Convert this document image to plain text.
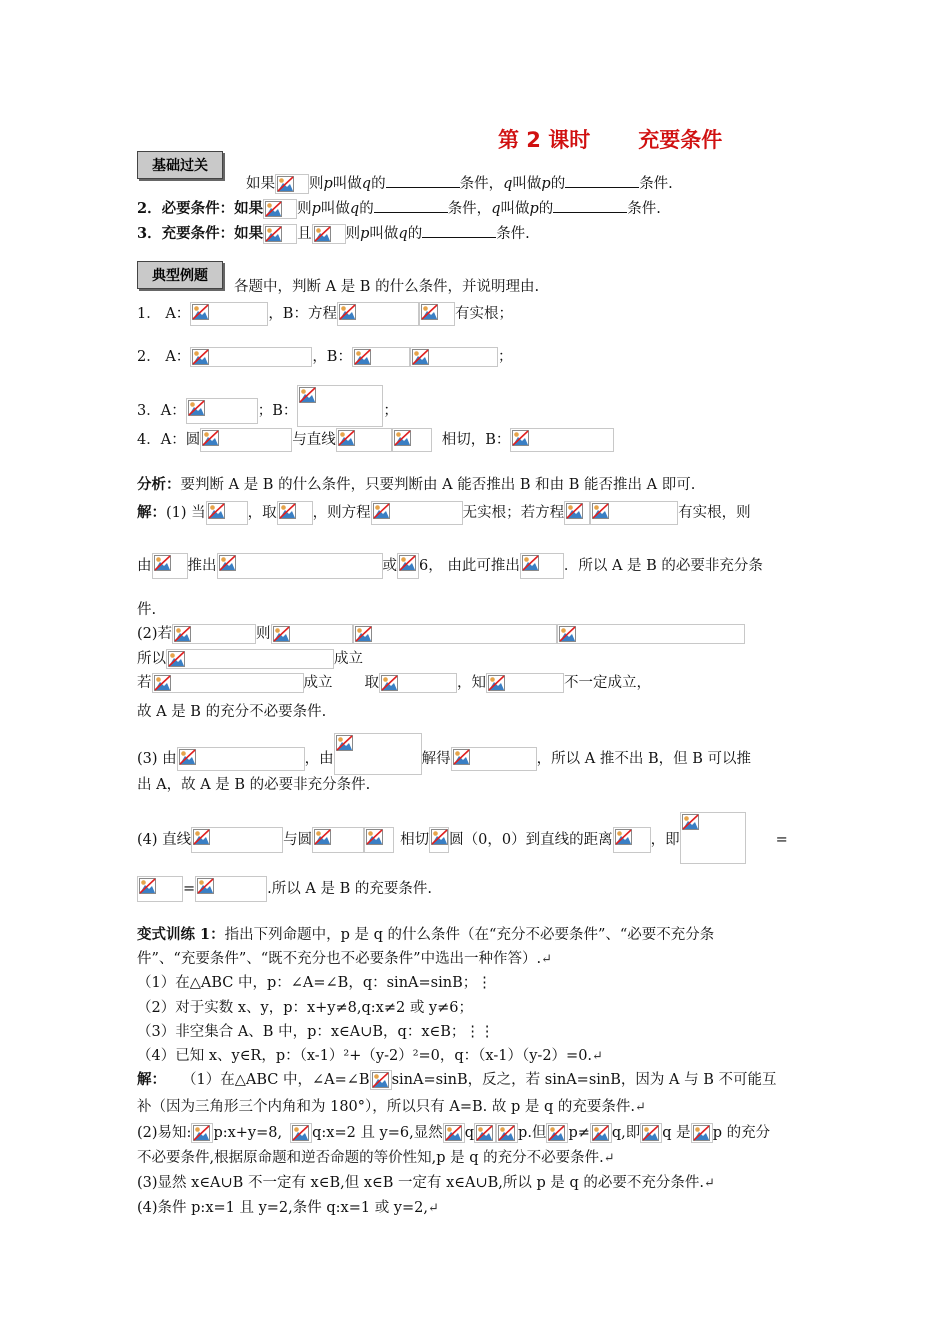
第 2 课时 充要条件
基础过关
如果 则p叫做q的	条件，q叫做p的	条件.
2．必要条件：如果 则p叫做q的	条件，q叫做p的	条件.
3．充要条件：如果 且 则p叫做q的	条件.
典型例题
各题中，判断 A 是 B 的什么条件，并说明理由.
1． A：	，B：方程	有实根；
2． A：	，B：	；
3．A：	；B：	；
4．A：圆	与直线	相切，B：
分析：要判断 A 是 B 的什么条件，只要判断由 A 能否推出 B 和由 B 能否推出 A 即可.
解：(1) 当	，取 ，则方程	无实根；若方程	有实根，则
由 推出	或 6， 由此可推出	．所以 A 是 B 的必要非充分条
件.
(2)若	则
所以	成立
若	成立 取	，知	不一定成立，
故 A 是 B 的充分不必要条件.
(3) 由	，由	解得	，所以 A 推不出 B，但 B 可以推
出 A，故 A 是 B 的必要非充分条件.
(4) 直线	与圆	相切 圆（0，0）到直线的距离	，即	=
=	.所以 A 是 B 的充要条件.
变式训练 1：指出下列命题中，p 是 q 的什么条件（在“充分不必要条件”、“必要不充分条
件”、“充要条件”、“既不充分也不必要条件”中选出一种作答）.↵
（1）在△ABC 中，p：∠A=∠B，q：sinA=sinB；⋮
（2）对于实数 x、y，p：x+y≠8,q:x≠2 或 y≠6；
（3）非空集合 A、B 中，p：x∈A∪B，q：x∈B；⋮⋮
（4）已知 x、y∈R，p：（x-1）²+（y-2）²=0，q：（x-1）（y-2）=0.↵
解： （1）在△ABC 中，∠A=∠B sinA=sinB，反之，若 sinA=sinB，因为 A 与 B 不可能互
补（因为三角形三个内角和为 180°），所以只有 A=B. 故 p 是 q 的充要条件.↵
(2)易知: p:x+y=8, q:x=2 且 y=6,显然 q	p.但 p≠ q,即 q 是 p 的充分
不必要条件,根据原命题和逆否命题的等价性知,p 是 q 的充分不必要条件.↵
(3)显然 x∈A∪B 不一定有 x∈B,但 x∈B 一定有 x∈A∪B,所以 p 是 q 的必要不充分条件.↵
(4)条件 p:x=1 且 y=2,条件 q:x=1 或 y=2,↵
